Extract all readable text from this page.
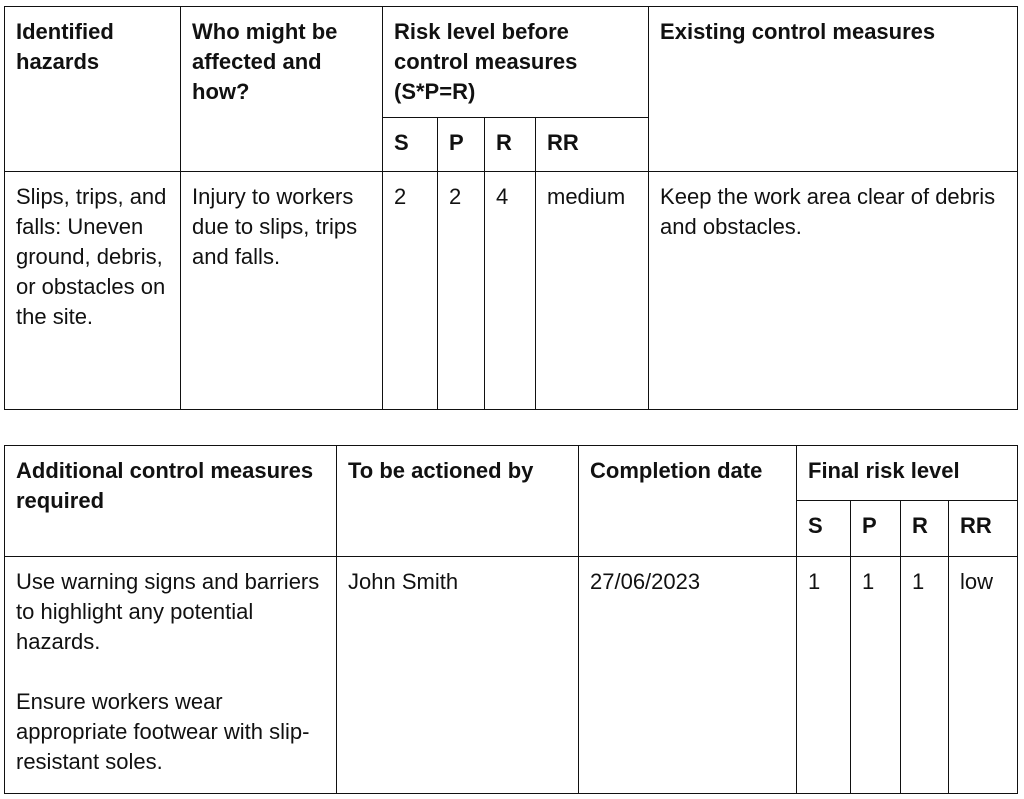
Identified hazards	Who might be affected and how?	Risk level before control measures (S*P=R)				Existing control measures
		S	P	R	RR	
Slips, trips, and falls: Uneven ground, debris, or obstacles on the site.	Injury to workers due to slips, trips and falls.	2	2	4	medium	Keep the work area clear of debris and obstacles.
Additional control measures required	To be actioned by	Completion date	Final risk level			
			S	P	R	RR

Use warning signs and barriers to highlight any potential hazards.
Ensure workers wear appropriate footwear with slip-resistant soles.	John Smith	27/06/2023	1	1	1	low
